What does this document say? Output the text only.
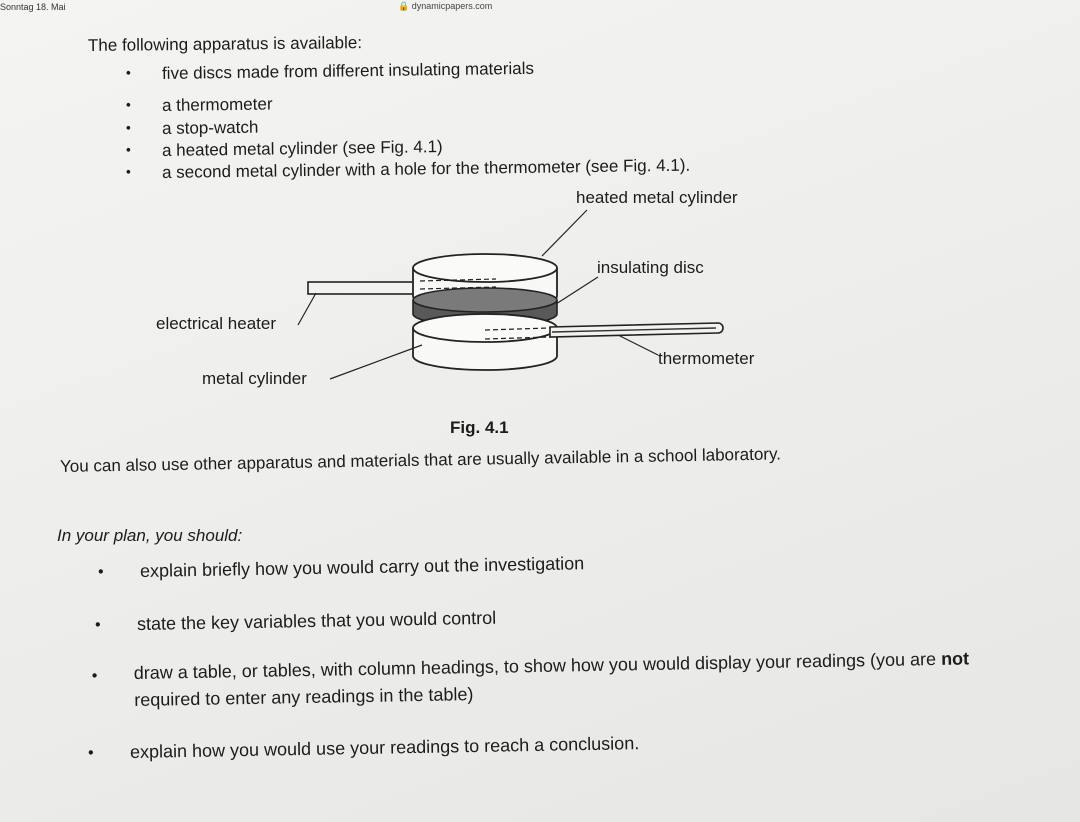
Sonntag 18. Mai	🔒 dynamicpapers.com
The following apparatus is available:
• five discs made from different insulating materials
• a thermometer
• a stop-watch
• a heated metal cylinder (see Fig. 4.1)
• a second metal cylinder with a hole for the thermometer (see Fig. 4.1).
heated metal cylinder
insulating disc
electrical heater
thermometer
metal cylinder
Fig. 4.1
You can also use other apparatus and materials that are usually available in a school laboratory.
In your plan, you should:
• explain briefly how you would carry out the investigation
• state the key variables that you would control
• draw a table, or tables, with column headings, to show how you would display your readings (you are not required to enter any readings in the table)
• explain how you would use your readings to reach a conclusion.
